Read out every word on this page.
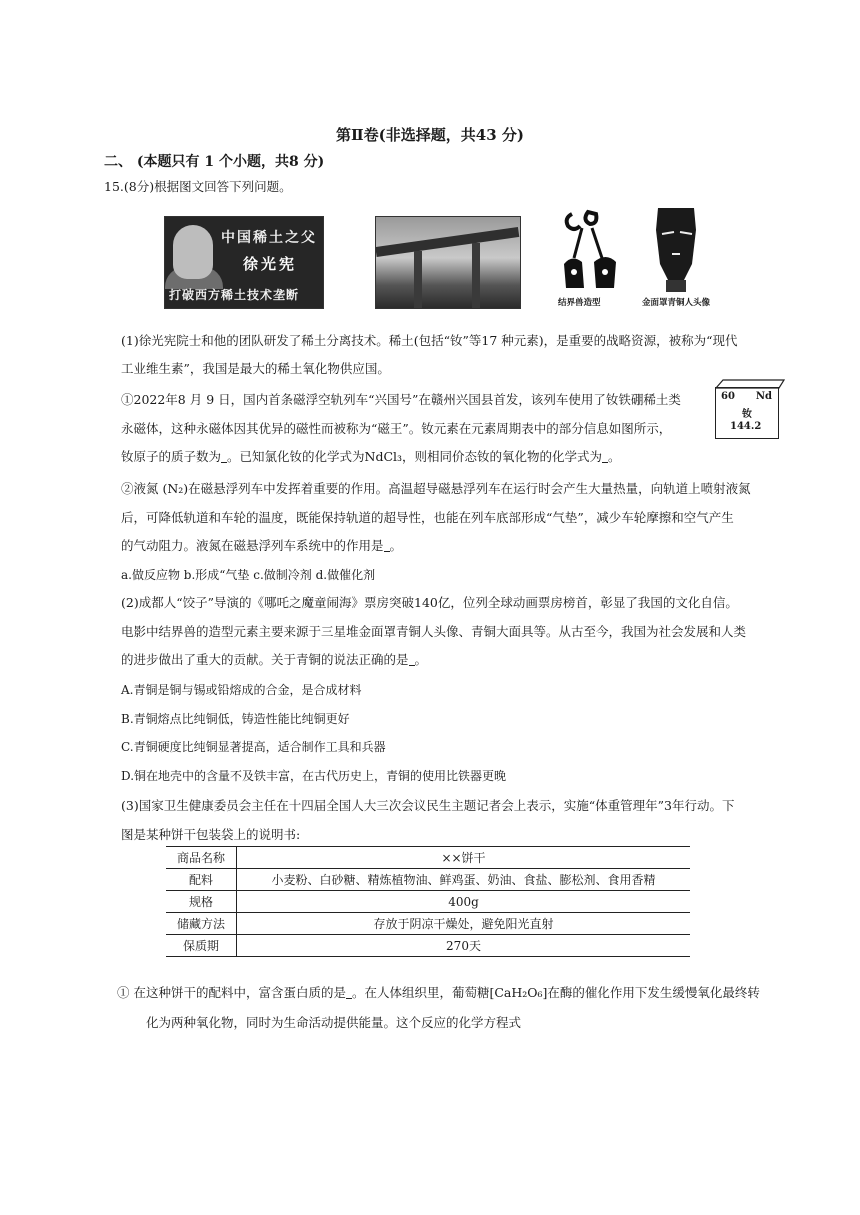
第Ⅱ卷(非选择题，共43 分)
二、 (本题只有 1 个小题，共8 分)
15.(8分)根据图文回答下列问题。
中国稀土之父
徐光宪
打破西方稀土技术垄断
结界兽造型	金面罩青铜人头像
(1)徐光宪院士和他的团队研发了稀土分离技术。稀土(包括“钕”等17 种元素)，是重要的战略资源，被称为“现代
工业维生素”，我国是最大的稀土氧化物供应国。
①2022年8 月 9 日，国内首条磁浮空轨列车“兴国号”在赣州兴国县首发，该列车使用了钕铁硼稀土类
永磁体，这种永磁体因其优异的磁性而被称为“磁王”。钕元素在元素周期表中的部分信息如图所示，
钕原子的质子数为 。已知氯化钕的化学式为NdCl₃，则相同价态钕的氧化物的化学式为 。
60 Nd
钕
144.2
②液氮 (N₂)在磁悬浮列车中发挥着重要的作用。高温超导磁悬浮列车在运行时会产生大量热量，向轨道上喷射液氮
后，可降低轨道和车轮的温度，既能保持轨道的超导性，也能在列车底部形成“气垫”，减少车轮摩擦和空气产生
的气动阻力。液氮在磁悬浮列车系统中的作用是 。
a.做反应物 b.形成“气垫 c.做制冷剂 d.做催化剂
(2)成都人“饺子”导演的《哪吒之魔童闹海》票房突破140亿，位列全球动画票房榜首，彰显了我国的文化自信。
电影中结界兽的造型元素主要来源于三星堆金面罩青铜人头像、青铜大面具等。从古至今，我国为社会发展和人类
的进步做出了重大的贡献。关于青铜的说法正确的是 。
A.青铜是铜与锡或铅熔成的合金，是合成材料
B.青铜熔点比纯铜低，铸造性能比纯铜更好
C.青铜硬度比纯铜显著提高，适合制作工具和兵器
D.铜在地壳中的含量不及铁丰富，在古代历史上，青铜的使用比铁器更晚
(3)国家卫生健康委员会主任在十四届全国人大三次会议民生主题记者会上表示，实施“体重管理年”3年行动。下
图是某种饼干包装袋上的说明书:
商品名称	××饼干
配料	小麦粉、白砂糖、精炼植物油、鲜鸡蛋、奶油、食盐、膨松剂、食用香精
规格	400g
储藏方法	存放于阴凉干燥处，避免阳光直射
保质期	270天
① 在这种饼干的配料中，富含蛋白质的是 。在人体组织里，葡萄糖[CaH₂O₆]在酶的催化作用下发生缓慢氧化最终转
化为两种氧化物，同时为生命活动提供能量。这个反应的化学方程式
